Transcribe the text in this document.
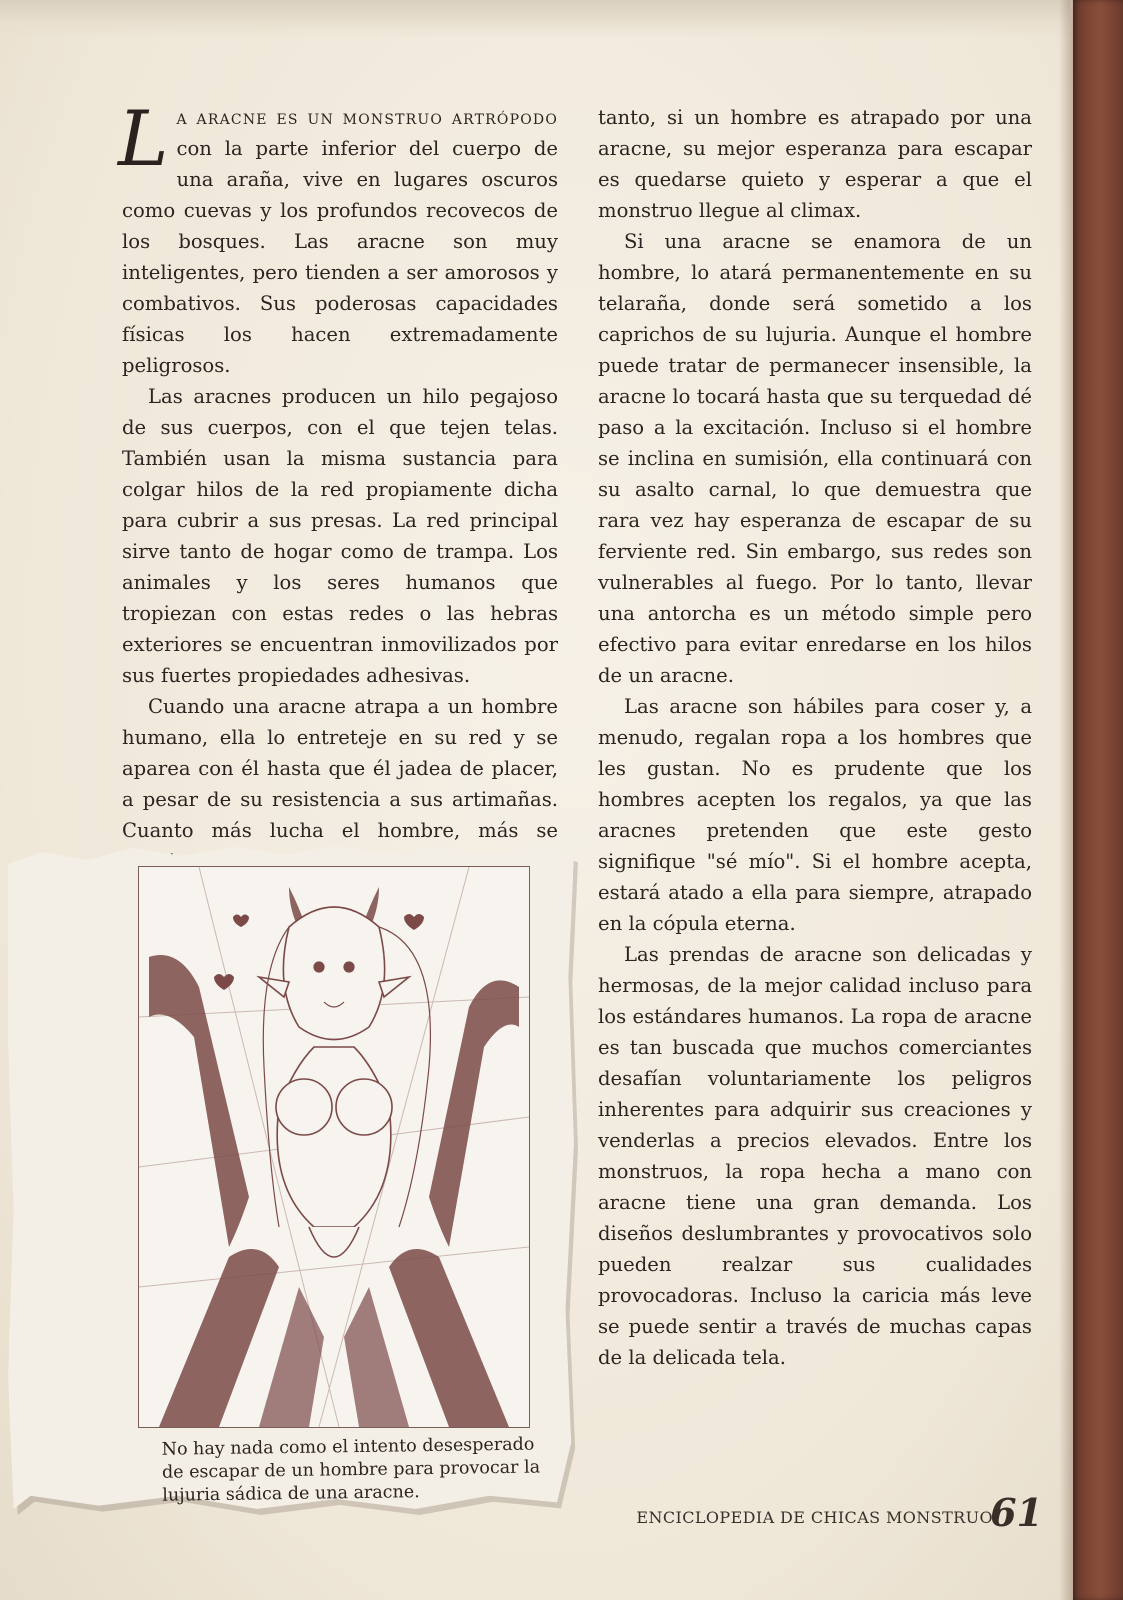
L a aracne es un monstruo artrópodo con la parte inferior del cuerpo de una araña, vive en lugares oscuros como cuevas y los profundos recovecos de los bosques. Las aracne son muy inteligentes, pero tienden a ser amorosos y combativos. Sus poderosas capacidades físicas los hacen extremadamente peligrosos.

Las aracnes producen un hilo pegajoso de sus cuerpos, con el que tejen telas. También usan la misma sustancia para colgar hilos de la red propiamente dicha para cubrir a sus presas. La red principal sirve tanto de hogar como de trampa. Los animales y los seres humanos que tropiezan con estas redes o las hebras exteriores se encuentran inmovilizados por sus fuertes propiedades adhesivas.

Cuando una aracne atrapa a un hombre humano, ella lo entreteje en su red y se aparea con él hasta que él jadea de placer, a pesar de su resistencia a sus artimañas. Cuanto más lucha el hombre, más se

tanto, si un hombre es atrapado por una aracne, su mejor esperanza para escapar es quedarse quieto y esperar a que el monstruo llegue al climax.

Si una aracne se enamora de un hombre, lo atará permanentemente en su telaraña, donde será sometido a los caprichos de su lujuria. Aunque el hombre puede tratar de permanecer insensible, la aracne lo tocará hasta que su terquedad dé paso a la excitación. Incluso si el hombre se inclina en sumisión, ella continuará con su asalto carnal, lo que demuestra que rara vez hay esperanza de escapar de su ferviente red. Sin embargo, sus redes son vulnerables al fuego. Por lo tanto, llevar una antorcha es un método simple pero efectivo para evitar enredarse en los hilos de un aracne.

Las aracne son hábiles para coser y, a menudo, regalan ropa a los hombres que les gustan. No es prudente que los hombres acepten los regalos, ya que las aracnes pretenden que este gesto signifique "sé mío". Si el hombre acepta, estará atado a ella para siempre, atrapado en la cópula eterna.

Las prendas de aracne son delicadas y hermosas, de la mejor calidad incluso para los estándares humanos. La ropa de aracne es tan buscada que muchos comerciantes desafían voluntariamente los peligros inherentes para adquirir sus creaciones y venderlas a precios elevados. Entre los monstruos, la ropa hecha a mano con aracne tiene una gran demanda. Los diseños deslumbrantes y provocativos solo pueden realzar sus cualidades provocadoras. Incluso la caricia más leve se puede sentir a través de muchas capas de la delicada tela.

No hay nada como el intento desesperado de escapar de un hombre para provocar la lujuria sádica de una aracne.
ENCICLOPEDIA DE CHICAS MONSTRUO
61
